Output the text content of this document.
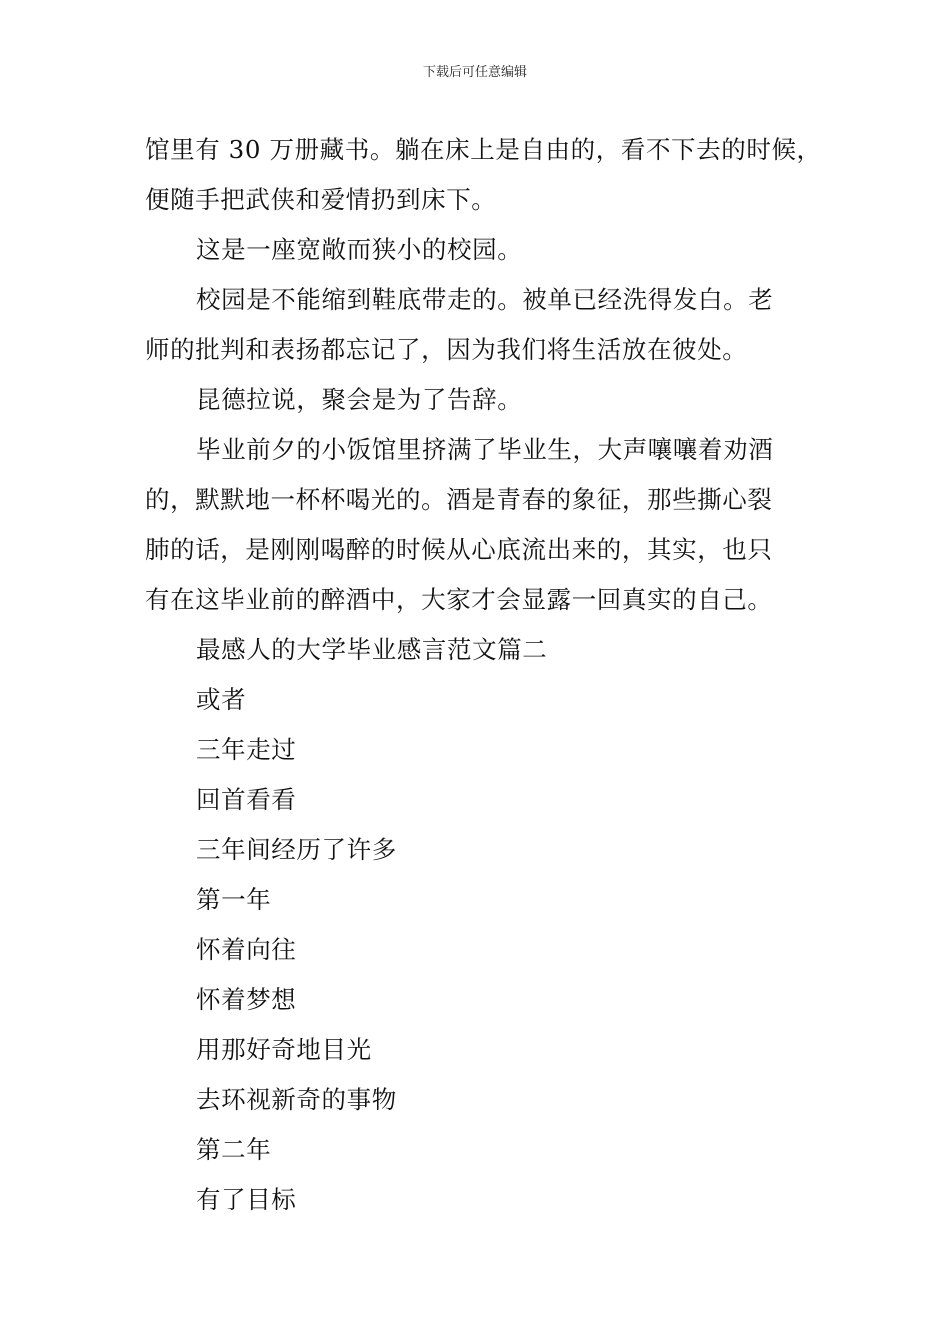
下载后可任意编辑
馆里有 30 万册藏书。躺在床上是自由的，看不下去的时候，
便随手把武侠和爱情扔到床下。
这是一座宽敞而狭小的校园。
校园是不能缩到鞋底带走的。被单已经洗得发白。老
师的批判和表扬都忘记了，因为我们将生活放在彼处。
昆德拉说，聚会是为了告辞。
毕业前夕的小饭馆里挤满了毕业生，大声嚷嚷着劝酒
的，默默地一杯杯喝光的。酒是青春的象征，那些撕心裂
肺的话，是刚刚喝醉的时候从心底流出来的，其实，也只
有在这毕业前的醉酒中，大家才会显露一回真实的自己。
最感人的大学毕业感言范文篇二
或者
三年走过
回首看看
三年间经历了许多
第一年
怀着向往
怀着梦想
用那好奇地目光
去环视新奇的事物
第二年
有了目标
